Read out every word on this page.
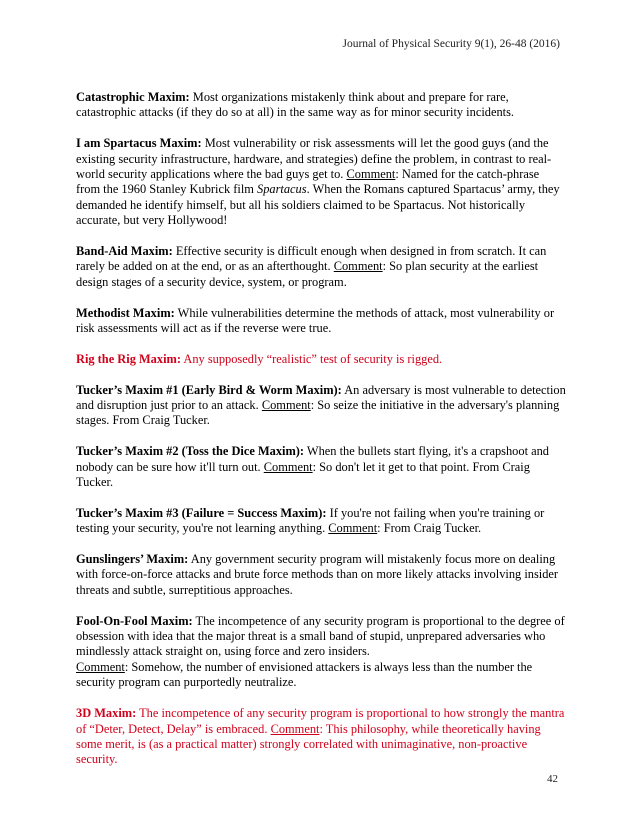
Journal of Physical Security 9(1), 26-48 (2016)

Catastrophic Maxim: Most organizations mistakenly think about and prepare for rare, catastrophic attacks (if they do so at all) in the same way as for minor security incidents.

I am Spartacus Maxim: Most vulnerability or risk assessments will let the good guys (and the existing security infrastructure, hardware, and strategies) define the problem, in contrast to real-world security applications where the bad guys get to. Comment: Named for the catch-phrase from the 1960 Stanley Kubrick film Spartacus. When the Romans captured Spartacus’ army, they demanded he identify himself, but all his soldiers claimed to be Spartacus. Not historically accurate, but very Hollywood!

Band-Aid Maxim: Effective security is difficult enough when designed in from scratch. It can rarely be added on at the end, or as an afterthought. Comment: So plan security at the earliest design stages of a security device, system, or program.

Methodist Maxim: While vulnerabilities determine the methods of attack, most vulnerability or risk assessments will act as if the reverse were true.

Rig the Rig Maxim: Any supposedly “realistic” test of security is rigged.

Tucker’s Maxim #1 (Early Bird & Worm Maxim): An adversary is most vulnerable to detection and disruption just prior to an attack. Comment: So seize the initiative in the adversary's planning stages. From Craig Tucker.

Tucker’s Maxim #2 (Toss the Dice Maxim): When the bullets start flying, it's a crapshoot and nobody can be sure how it'll turn out. Comment: So don't let it get to that point. From Craig Tucker.

Tucker’s Maxim #3 (Failure = Success Maxim): If you're not failing when you're training or testing your security, you're not learning anything. Comment: From Craig Tucker.

Gunslingers’ Maxim: Any government security program will mistakenly focus more on dealing with force-on-force attacks and brute force methods than on more likely attacks involving insider threats and subtle, surreptitious approaches.

Fool-On-Fool Maxim: The incompetence of any security program is proportional to the degree of obsession with idea that the major threat is a small band of stupid, unprepared adversaries who mindlessly attack straight on, using force and zero insiders.
Comment: Somehow, the number of envisioned attackers is always less than the number the security program can purportedly neutralize.

3D Maxim: The incompetence of any security program is proportional to how strongly the mantra of “Deter, Detect, Delay” is embraced. Comment: This philosophy, while theoretically having some merit, is (as a practical matter) strongly correlated with unimaginative, non-proactive security.

42
